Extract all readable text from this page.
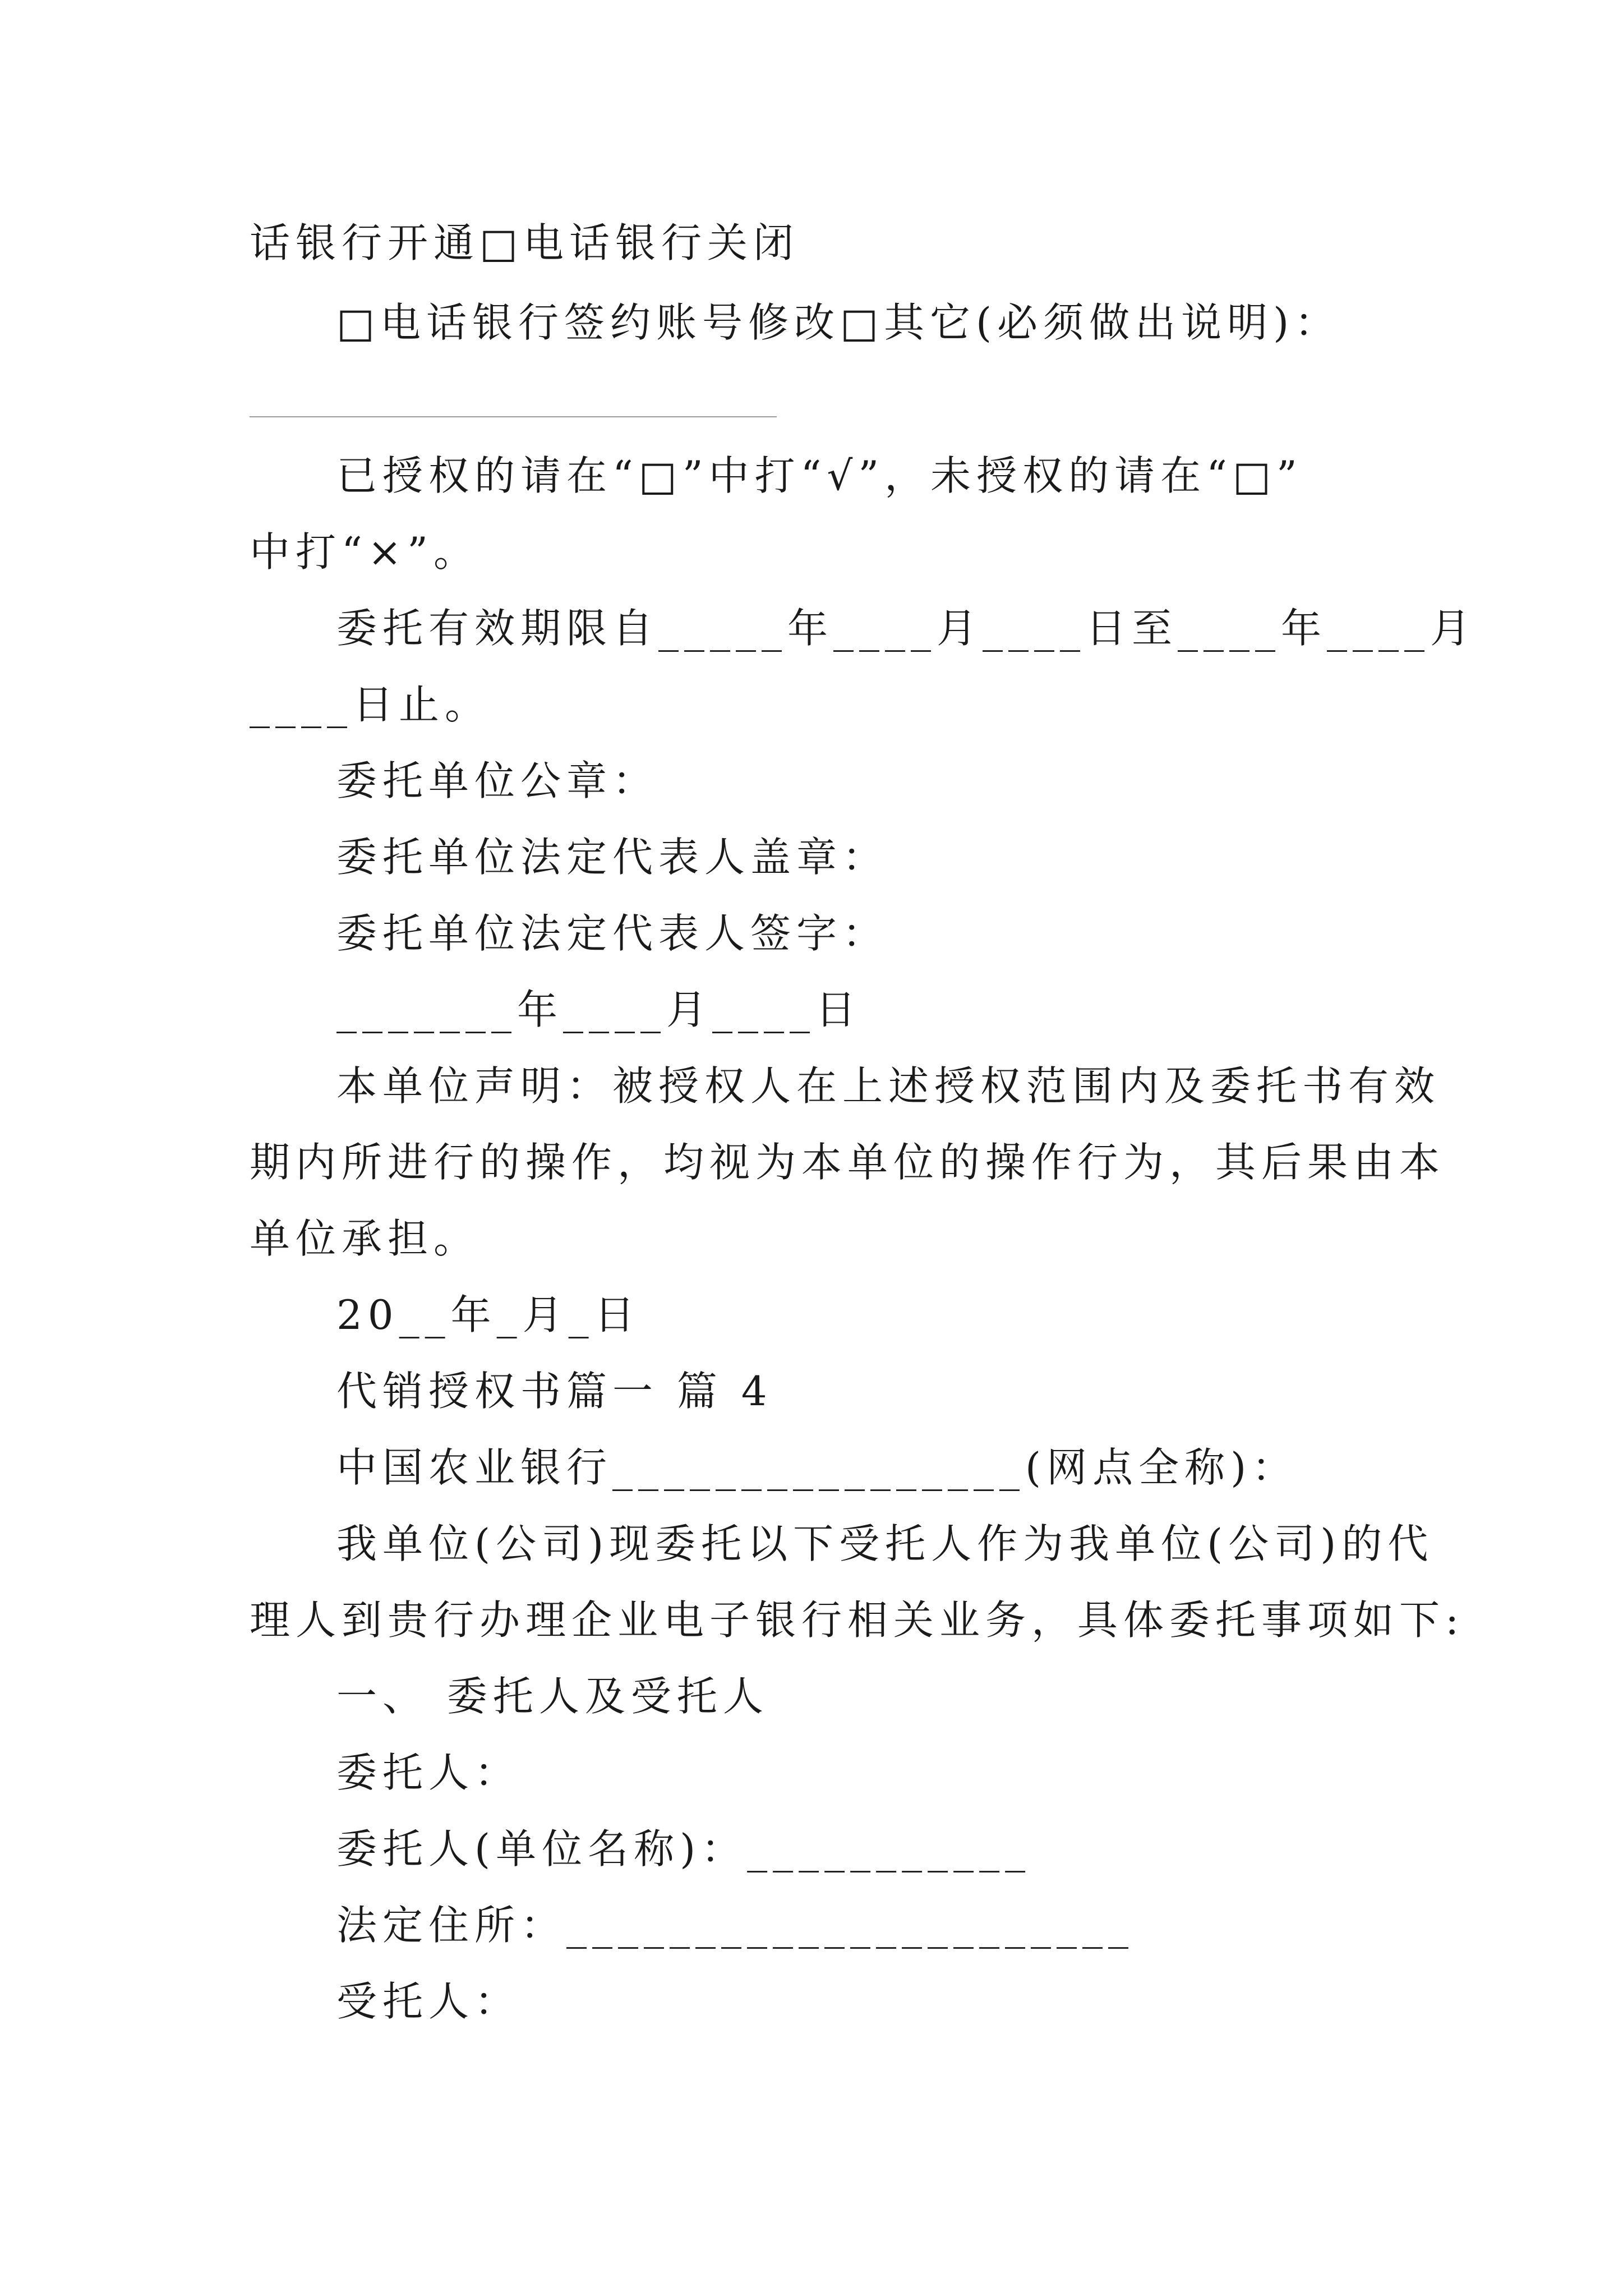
话银行开通□电话银行关闭
□电话银行签约账号修改□其它(必须做出说明)：
已授权的请在“□”中打“√”，未授权的请在“□”
中打“×”。
委托有效期限自_____年____月____日至____年____月
____日止。
委托单位公章：
委托单位法定代表人盖章：
委托单位法定代表人签字：
_______年____月____日
本单位声明：被授权人在上述授权范围内及委托书有效
期内所进行的操作，均视为本单位的操作行为，其后果由本
单位承担。
20__年_月_日
代销授权书篇一 篇 4
中国农业银行________________(网点全称)：
我单位(公司)现委托以下受托人作为我单位(公司)的代
理人到贵行办理企业电子银行相关业务，具体委托事项如下:
一、 委托人及受托人
委托人：
委托人(单位名称)：___________
法定住所：______________________
受托人：
